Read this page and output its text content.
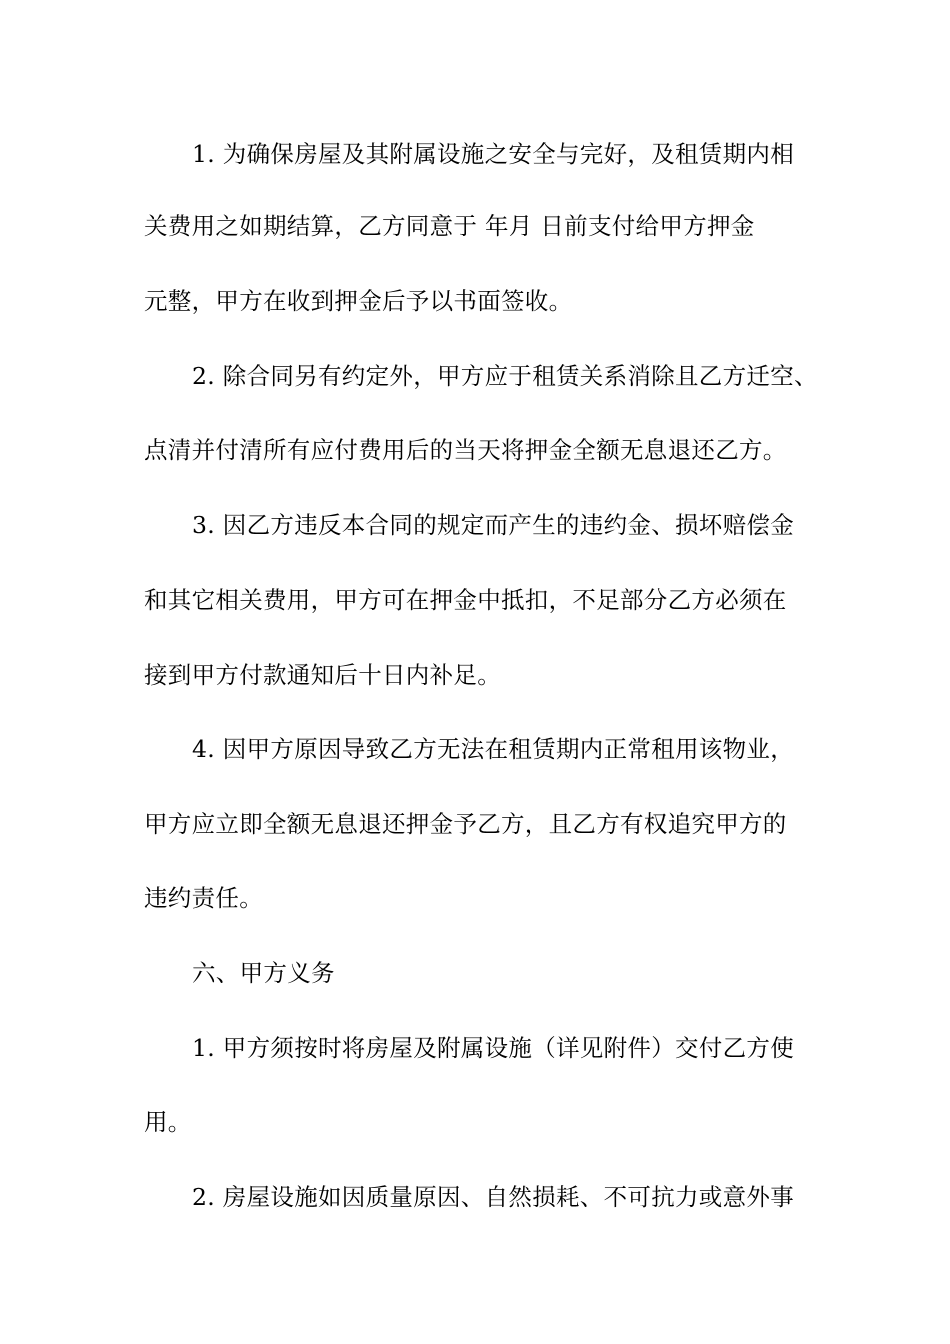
1. 为确保房屋及其附属设施之安全与完好，及租赁期内相
关费用之如期结算，乙方同意于 年月 日前支付给甲方押金
元整，甲方在收到押金后予以书面签收。
2. 除合同另有约定外，甲方应于租赁关系消除且乙方迁空、
点清并付清所有应付费用后的当天将押金全额无息退还乙方。
3. 因乙方违反本合同的规定而产生的违约金、损坏赔偿金
和其它相关费用，甲方可在押金中抵扣，不足部分乙方必须在
接到甲方付款通知后十日内补足。
4. 因甲方原因导致乙方无法在租赁期内正常租用该物业，
甲方应立即全额无息退还押金予乙方，且乙方有权追究甲方的
违约责任。
六、甲方义务
1. 甲方须按时将房屋及附属设施（详见附件）交付乙方使
用。
2. 房屋设施如因质量原因、自然损耗、不可抗力或意外事
